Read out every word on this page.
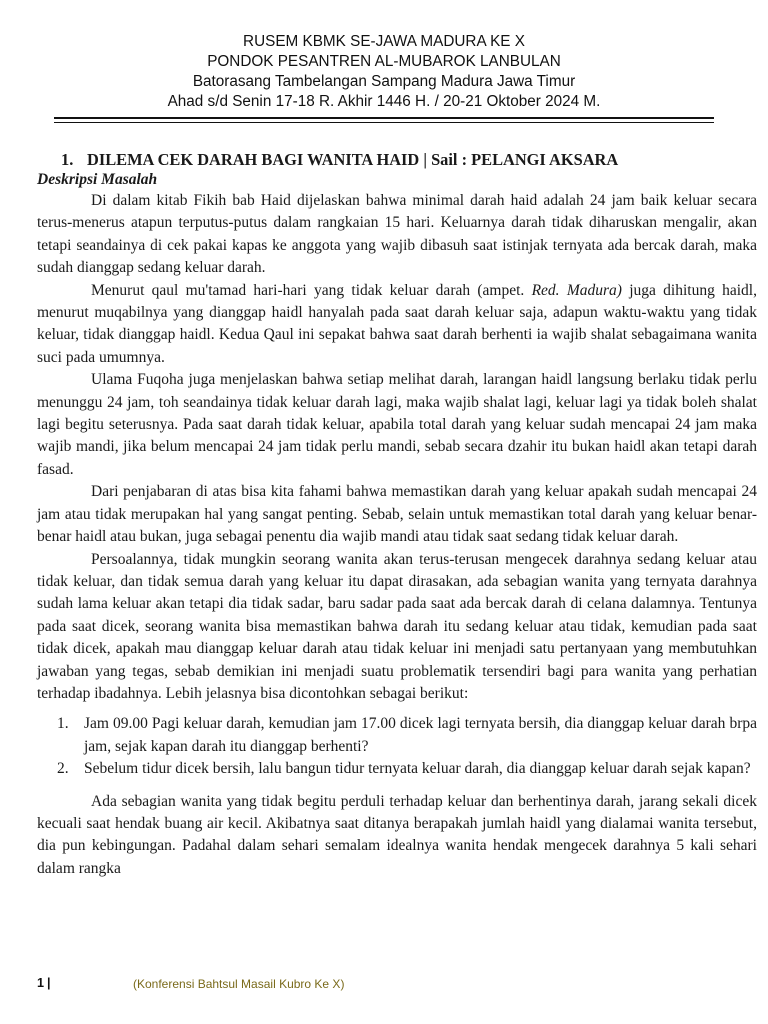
RUSEM KBMK SE-JAWA MADURA KE X
PONDOK PESANTREN AL-MUBAROK LANBULAN
Batorasang Tambelangan Sampang Madura Jawa Timur
Ahad s/d Senin 17-18 R. Akhir 1446 H. / 20-21 Oktober 2024 M.

1. DILEMA CEK DARAH BAGI WANITA HAID | Sail : PELANGI AKSARA

Deskripsi Masalah

Di dalam kitab Fikih bab Haid dijelaskan bahwa minimal darah haid adalah 24 jam baik keluar secara terus-menerus atapun terputus-putus dalam rangkaian 15 hari. Keluarnya darah tidak diharuskan mengalir, akan tetapi seandainya di cek pakai kapas ke anggota yang wajib dibasuh saat istinjak ternyata ada bercak darah, maka sudah dianggap sedang keluar darah.

Menurut qaul mu'tamad hari-hari yang tidak keluar darah (ampet. Red. Madura) juga dihitung haidl, menurut muqabilnya yang dianggap haidl hanyalah pada saat darah keluar saja, adapun waktu-waktu yang tidak keluar, tidak dianggap haidl. Kedua Qaul ini sepakat bahwa saat darah berhenti ia wajib shalat sebagaimana wanita suci pada umumnya.

Ulama Fuqoha juga menjelaskan bahwa setiap melihat darah, larangan haidl langsung berlaku tidak perlu menunggu 24 jam, toh seandainya tidak keluar darah lagi, maka wajib shalat lagi, keluar lagi ya tidak boleh shalat lagi begitu seterusnya. Pada saat darah tidak keluar, apabila total darah yang keluar sudah mencapai 24 jam maka wajib mandi, jika belum mencapai 24 jam tidak perlu mandi, sebab secara dzahir itu bukan haidl akan tetapi darah fasad.

Dari penjabaran di atas bisa kita fahami bahwa memastikan darah yang keluar apakah sudah mencapai 24 jam atau tidak merupakan hal yang sangat penting. Sebab, selain untuk memastikan total darah yang keluar benar-benar haidl atau bukan, juga sebagai penentu dia wajib mandi atau tidak saat sedang tidak keluar darah.

Persoalannya, tidak mungkin seorang wanita akan terus-terusan mengecek darahnya sedang keluar atau tidak keluar, dan tidak semua darah yang keluar itu dapat dirasakan, ada sebagian wanita yang ternyata darahnya sudah lama keluar akan tetapi dia tidak sadar, baru sadar pada saat ada bercak darah di celana dalamnya. Tentunya pada saat dicek, seorang wanita bisa memastikan bahwa darah itu sedang keluar atau tidak, kemudian pada saat tidak dicek, apakah mau dianggap keluar darah atau tidak keluar ini menjadi satu pertanyaan yang membutuhkan jawaban yang tegas, sebab demikian ini menjadi suatu problematik tersendiri bagi para wanita yang perhatian terhadap ibadahnya. Lebih jelasnya bisa dicontohkan sebagai berikut:

1. Jam 09.00 Pagi keluar darah, kemudian jam 17.00 dicek lagi ternyata bersih, dia dianggap keluar darah brpa jam, sejak kapan darah itu dianggap berhenti?
2. Sebelum tidur dicek bersih, lalu bangun tidur ternyata keluar darah, dia dianggap keluar darah sejak kapan?

Ada sebagian wanita yang tidak begitu perduli terhadap keluar dan berhentinya darah, jarang sekali dicek kecuali saat hendak buang air kecil. Akibatnya saat ditanya berapakah jumlah haidl yang dialamai wanita tersebut, dia pun kebingungan. Padahal dalam sehari semalam idealnya wanita hendak mengecek darahnya 5 kali sehari dalam rangka

1 |	(Konferensi Bahtsul Masail Kubro Ke X)
